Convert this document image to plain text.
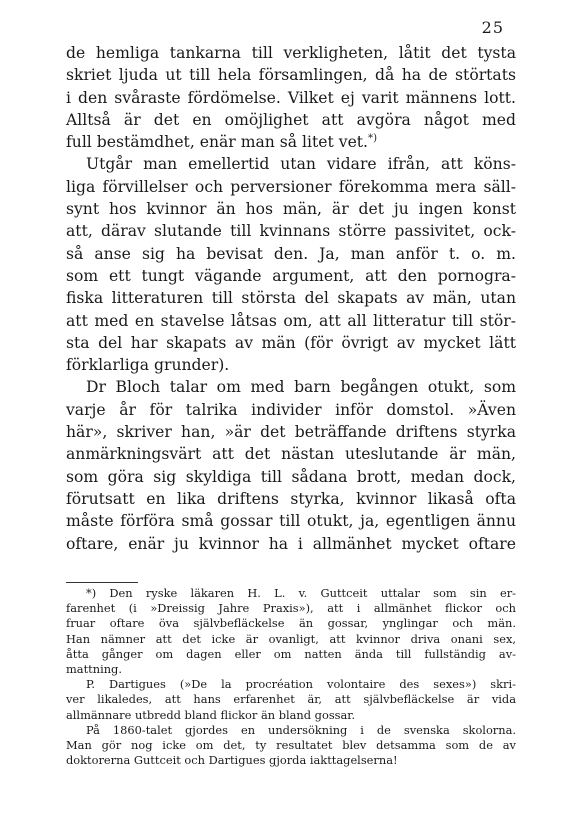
25
de hemliga tankarna till verkligheten, låtit det tysta
skriet ljuda ut till hela församlingen, då ha de störtats
i den svåraste fördömelse. Vilket ej varit männens lott.
Alltså är det en omöjlighet att avgöra något med
full bestämdhet, enär man så litet vet.*)
Utgår man emellertid utan vidare ifrån, att köns-
liga förvillelser och perversioner förekomma mera säll-
synt hos kvinnor än hos män, är det ju ingen konst
att, därav slutande till kvinnans större passivitet, ock-
så anse sig ha bevisat den. Ja, man anför t. o. m.
som ett tungt vägande argument, att den pornogra-
fiska litteraturen till största del skapats av män, utan
att med en stavelse låtsas om, att all litteratur till stör-
sta del har skapats av män (för övrigt av mycket lätt
förklarliga grunder).
Dr Bloch talar om med barn begången otukt, som
varje år för talrika individer inför domstol. »Även
här», skriver han, »är det beträffande driftens styrka
anmärkningsvärt att det nästan uteslutande är män,
som göra sig skyldiga till sådana brott, medan dock,
förutsatt en lika driftens styrka, kvinnor likaså ofta
måste förföra små gossar till otukt, ja, egentligen ännu
oftare, enär ju kvinnor ha i allmänhet mycket oftare
*) Den ryske läkaren H. L. v. Guttceit uttalar som sin er-
farenhet (i »Dreissig Jahre Praxis»), att i allmänhet flickor och
fruar oftare öva självbefläckelse än gossar, ynglingar och män.
Han nämner att det icke är ovanligt, att kvinnor driva onani sex,
åtta gånger om dagen eller om natten ända till fullständig av-
mattning.
P. Dartigues (»De la procréation volontaire des sexes») skri-
ver likaledes, att hans erfarenhet är, att självbefläckelse är vida
allmännare utbredd bland flickor än bland gossar.
På 1860-talet gjordes en undersökning i de svenska skolorna.
Man gör nog icke om det, ty resultatet blev detsamma som de av
doktorerna Guttceit och Dartigues gjorda iakttagelserna!
